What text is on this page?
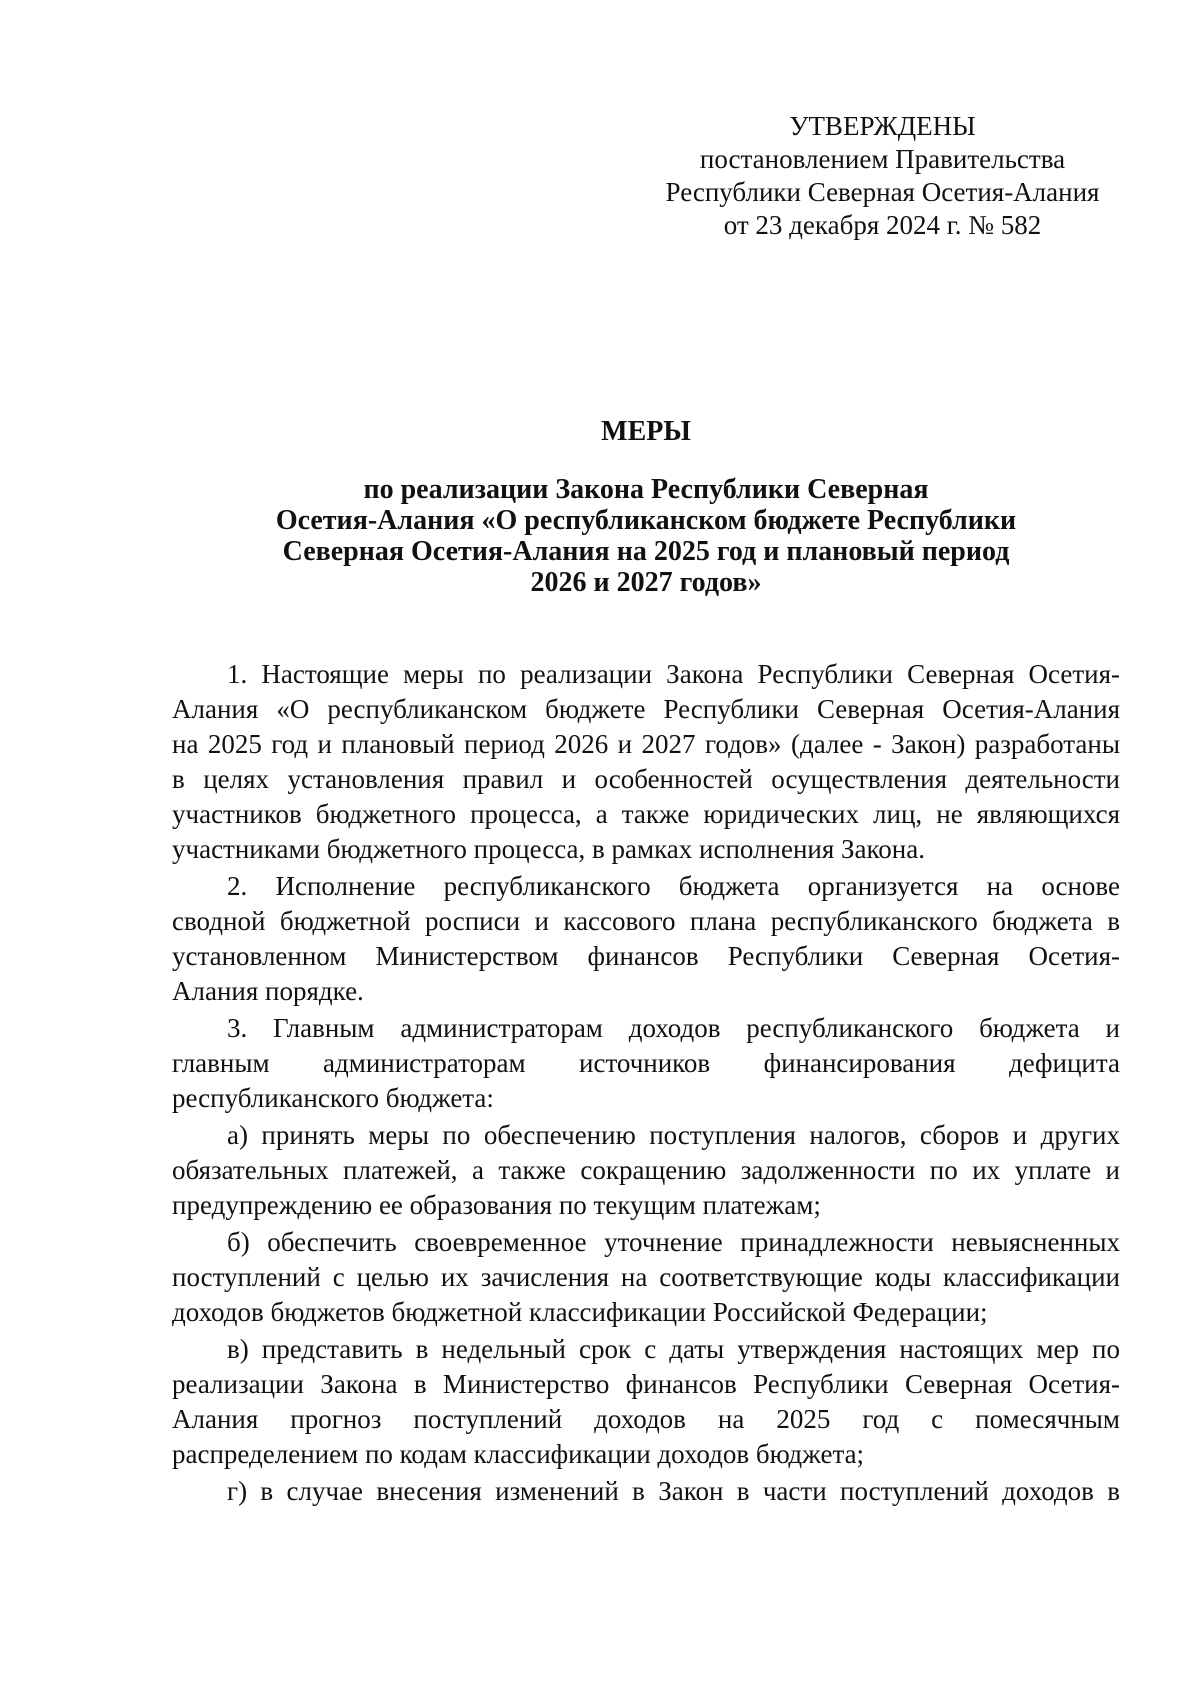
УТВЕРЖДЕНЫ
постановлением Правительства
Республики Северная Осетия-Алания
от 23 декабря 2024 г. № 582
МЕРЫ
по реализации Закона Республики Северная
Осетия-Алания «О республиканском бюджете Республики
Северная Осетия-Алания на 2025 год и плановый период
2026 и 2027 годов»
1. Настоящие меры по реализации Закона Республики Северная Осетия-
Алания «О республиканском бюджете Республики Северная Осетия-Алания
на 2025 год и плановый период 2026 и 2027 годов» (далее - Закон) разработаны
в целях установления правил и особенностей осуществления деятельности
участников бюджетного процесса, а также юридических лиц, не являющихся
участниками бюджетного процесса, в рамках исполнения Закона.
2. Исполнение республиканского бюджета организуется на основе
сводной бюджетной росписи и кассового плана республиканского бюджета в
установленном Министерством финансов Республики Северная Осетия-
Алания порядке.
3. Главным администраторам доходов республиканского бюджета и
главным администраторам источников финансирования дефицита
республиканского бюджета:
а) принять меры по обеспечению поступления налогов, сборов и других
обязательных платежей, а также сокращению задолженности по их уплате и
предупреждению ее образования по текущим платежам;
б) обеспечить своевременное уточнение принадлежности невыясненных
поступлений с целью их зачисления на соответствующие коды классификации
доходов бюджетов бюджетной классификации Российской Федерации;
в) представить в недельный срок с даты утверждения настоящих мер по
реализации Закона в Министерство финансов Республики Северная Осетия-
Алания прогноз поступлений доходов на 2025 год с помесячным
распределением по кодам классификации доходов бюджета;
г) в случае внесения изменений в Закон в части поступлений доходов в
